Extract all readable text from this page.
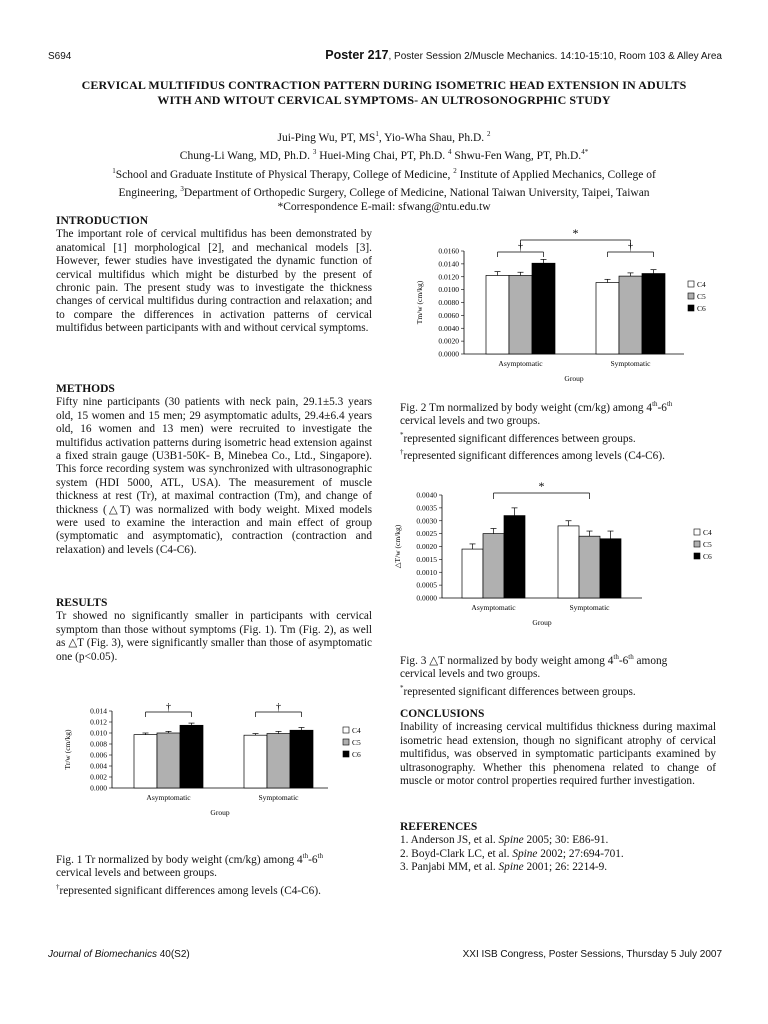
S694	Poster 217, Poster Session 2/Muscle Mechanics. 14:10-15:10, Room 103 & Alley Area
CERVICAL MULTIFIDUS CONTRACTION PATTERN DURING ISOMETRIC HEAD EXTENSION IN ADULTS
WITH AND WITOUT CERVICAL SYMPTOMS- AN ULTROSONOGRPHIC STUDY
Jui-Ping Wu, PT, $MS^1$, Yio-Wha Shau, Ph.D. $^2$
Chung-Li Wang, MD, Ph.D. $^3$ Huei-Ming Chai, PT, Ph.D. $^4$ Shwu-Fen Wang, PT, Ph.D.$^{4*}$
$^1$School and Graduate Institute of Physical Therapy, College of Medicine, $^2$ Institute of Applied Mechanics, College of
Engineering, $^3$Department of Orthopedic Surgery, College of Medicine, National Taiwan University, Taipei, Taiwan
*Correspondence E-mail: sfwang@ntu.edu.tw
INTRODUCTION

The important role of cervical multifidus has been demonstrated by anatomical [1] morphological [2], and mechanical models [3]. However, fewer studies have investigated the dynamic function of cervical multifidus which might be disturbed by the present of chronic pain. The present study was to investigate the thickness changes of cervical multifidus during contraction and relaxation; and to compare the differences in activation patterns of cervical multifidus between participants with and without cervical symptoms.

METHODS

Fifty nine participants (30 patients with neck pain, 29.1±5.3 years old, 15 women and 15 men; 29 asymptomatic adults, 29.4±6.4 years old, 16 women and 13 men) were recruited to investigate the multifidus activation patterns during isometric head extension against a fixed strain gauge (U3B1-50K- B, Minebea Co., Ltd., Singapore). This force recording system was synchronized with ultrasonographic system (HDI 5000, ATL, USA). The measurement of muscle thickness at rest (Tr), at maximal contraction (Tm), and change of thickness (△T) was normalized with body weight. Mixed models were used to examine the interaction and main effect of group (symptomatic and asymptomatic), contraction (contraction and relaxation) and levels (C4-C6).

RESULTS

Tr showed no significantly smaller in participants with cervical symptom than those without symptoms (Fig. 1). Tm (Fig. 2), as well as △T (Fig. 3), were significantly smaller than those of asymptomatic one (p<0.05).

0.000
0.002
0.004
0.006
0.008
0.010
0.012
0.014
Tr/w (cm/kg)
Asymptomatic	Symptomatic
Group
†	†
C4
C5
C6
Fig. 1 Tr normalized by body weight (cm/kg) among 4th-6th
cervical levels and between groups.
†represented significant differences among levels (C4-C6).
0.0000
0.0020
0.0040
0.0060
0.0080
0.0100
0.0120
0.0140
0.0160
Tm/w (cm/kg)
Asymptomatic	Symptomatic
Group
†	†
*
C4
C5
C6
Fig. 2 Tm normalized by body weight (cm/kg) among 4th-6th
cervical levels and two groups.
*represented significant differences between groups.
†represented significant differences among levels (C4-C6).
0.0000
0.0005
0.0010
0.0015
0.0020
0.0025
0.0030
0.0035
0.0040
△T/w (cm/kg)
Asymptomatic	Symptomatic
Group
*
C4
C5
C6
Fig. 3 △T normalized by body weight among 4th-6th among
cervical levels and two groups.
*represented significant differences between groups.
CONCLUSIONS

Inability of increasing cervical multifidus thickness during maximal isometric head extension, though no significant atrophy of cervical multifidus, was observed in symptomatic participants examined by ultrasonography. Whether this phenomena related to change of muscle or motor control properties required further investigation.

REFERENCES
1. Anderson JS, et al. Spine 2005; 30: E86-91.
2. Boyd-Clark LC, et al. Spine 2002; 27:694-701.
3. Panjabi MM, et al. Spine 2001; 26: 2214-9.
Journal of Biomechanics 40(S2)	XXI ISB Congress, Poster Sessions, Thursday 5 July 2007
